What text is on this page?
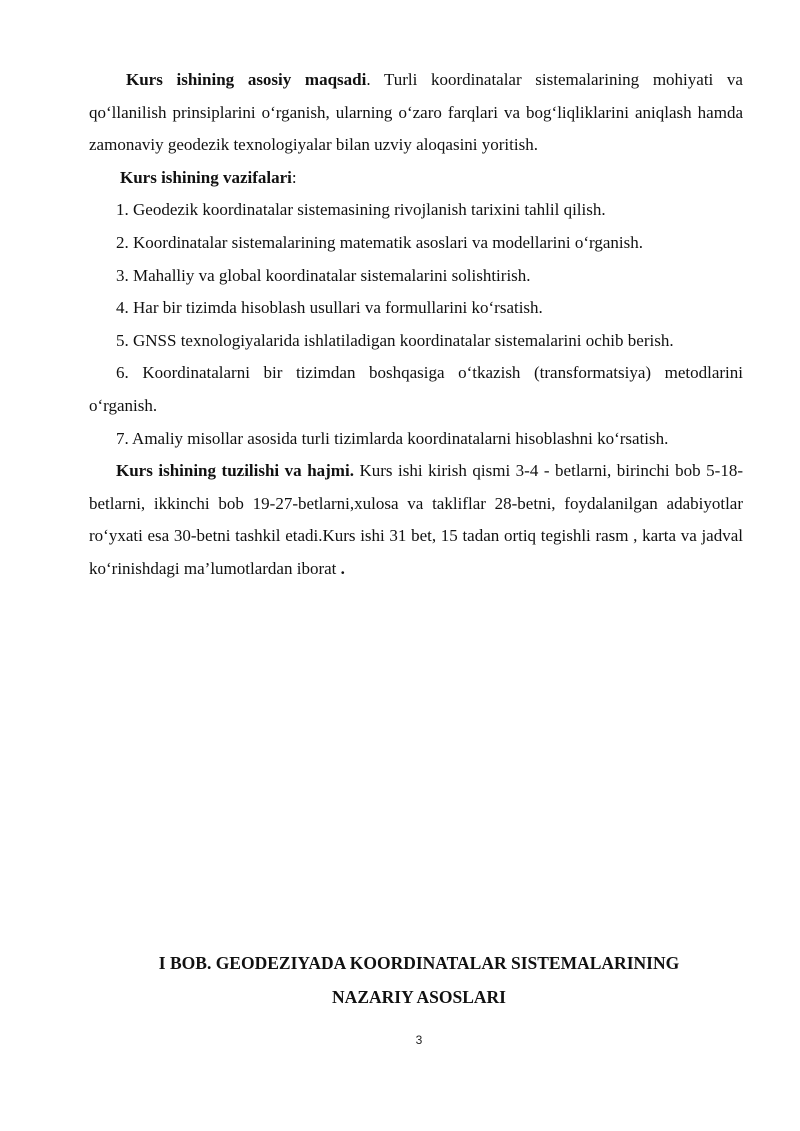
Kurs ishining asosiy maqsadi. Turli koordinatalar sistemalarining mohiyati va qo‘llanilish prinsiplarini o‘rganish, ularning o‘zaro farqlari va bog‘liqliklarini aniqlash hamda zamonaviy geodezik texnologiyalar bilan uzviy aloqasini yoritish.

Kurs ishining vazifalari:

1. Geodezik koordinatalar sistemasining rivojlanish tarixini tahlil qilish.

2. Koordinatalar sistemalarining matematik asoslari va modellarini o‘rganish.

3. Mahalliy va global koordinatalar sistemalarini solishtirish.

4. Har bir tizimda hisoblash usullari va formullarini ko‘rsatish.

5. GNSS texnologiyalarida ishlatiladigan koordinatalar sistemalarini ochib berish.

6. Koordinatalarni bir tizimdan boshqasiga o‘tkazish (transformatsiya) metodlarini o‘rganish.

7. Amaliy misollar asosida turli tizimlarda koordinatalarni hisoblashni ko‘rsatish.

Kurs ishining tuzilishi va hajmi. Kurs ishi kirish qismi 3-4 - betlarni, birinchi bob 5-18-betlarni, ikkinchi bob 19-27-betlarni,xulosa va takliflar 28-betni, foydalanilgan adabiyotlar ro‘yxati esa 30-betni tashkil etadi.Kurs ishi 31 bet, 15 tadan ortiq tegishli rasm , karta va jadval ko‘rinishdagi ma’lumotlardan iborat .

I BOB. GEODEZIYADA KOORDINATALAR SISTEMALARINING
NAZARIY ASOSLARI
3
